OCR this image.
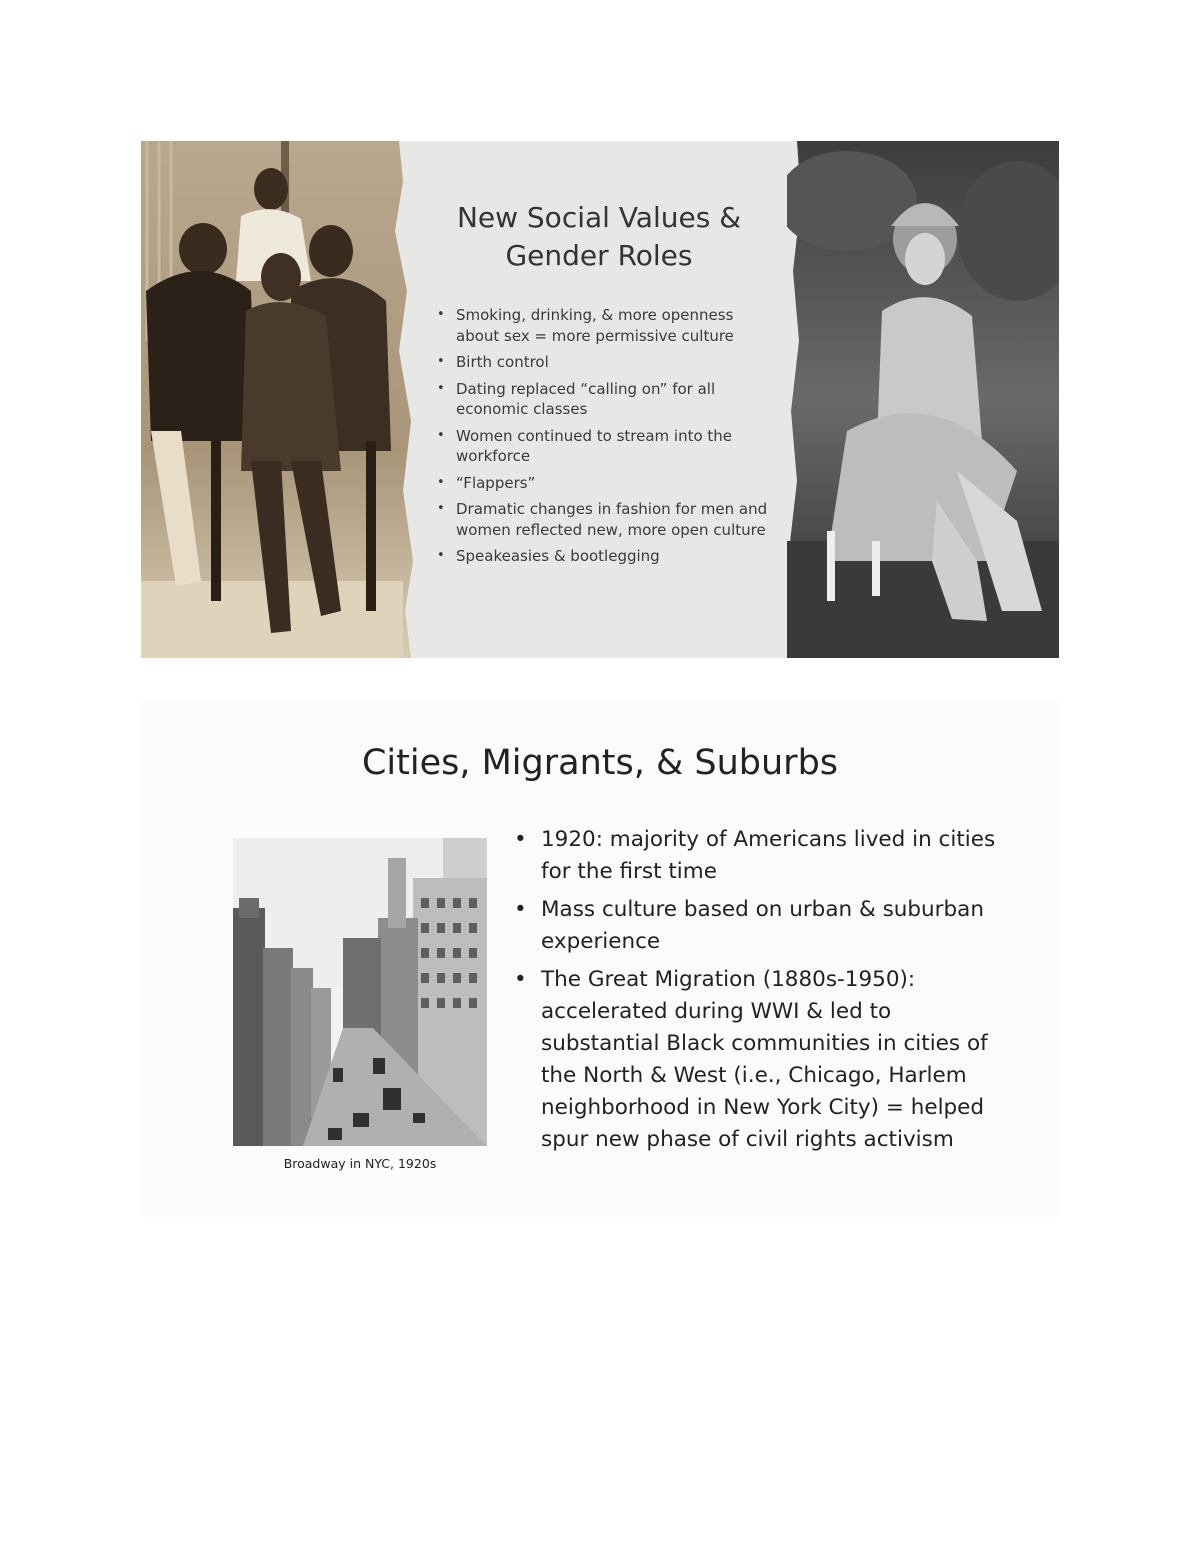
New Social Values &
Gender Roles
• Smoking, drinking, & more openness about sex = more permissive culture
• Birth control
• Dating replaced “calling on” for all economic classes
• Women continued to stream into the workforce
• “Flappers”
• Dramatic changes in fashion for men and women reflected new, more open culture
• Speakeasies & bootlegging
Cities, Migrants, & Suburbs
Broadway in NYC, 1920s
• 1920: majority of Americans lived in cities for the first time
• Mass culture based on urban & suburban experience
• The Great Migration (1880s-1950): accelerated during WWI & led to substantial Black communities in cities of the North & West (i.e., Chicago, Harlem neighborhood in New York City) = helped spur new phase of civil rights activism
